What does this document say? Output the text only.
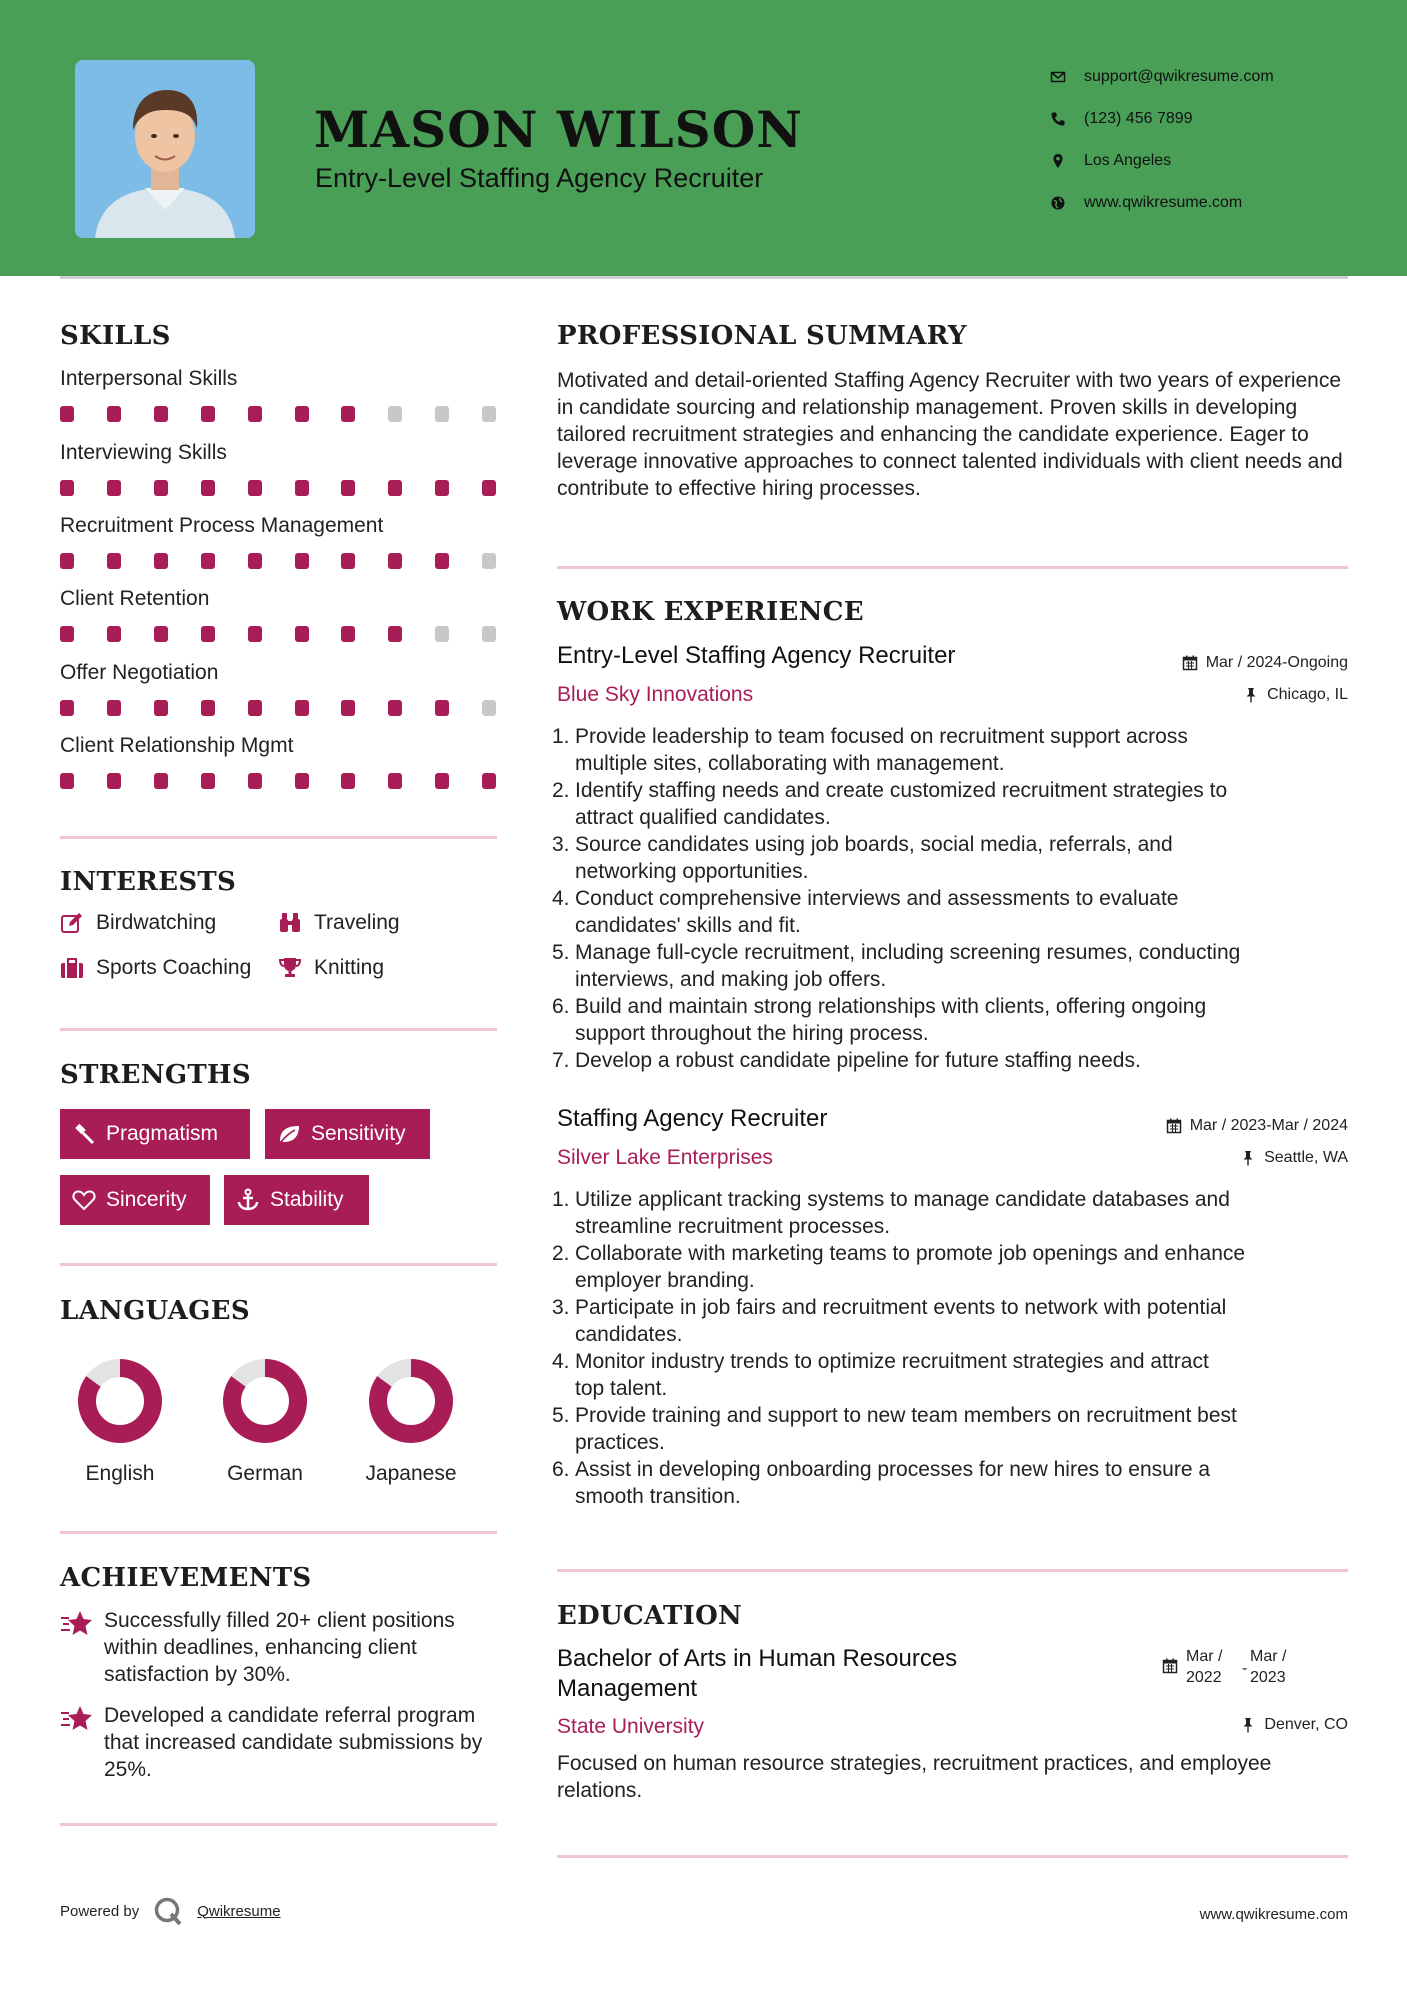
MASON WILSON
Entry-Level Staffing Agency Recruiter
support@qwikresume.com
(123) 456 7899
Los Angeles
www.qwikresume.com
SKILLS
Interpersonal Skills
Interviewing Skills
Recruitment Process Management
Client Retention
Offer Negotiation
Client Relationship Mgmt
INTERESTS
Birdwatching	Traveling
Sports Coaching	Knitting
STRENGTHS
Pragmatism	Sensitivity
Sincerity	Stability
LANGUAGES
English	German	Japanese
ACHIEVEMENTS
Successfully filled 20+ client positions within deadlines, enhancing client satisfaction by 30%.
Developed a candidate referral program that increased candidate submissions by 25%.
PROFESSIONAL SUMMARY
Motivated and detail-oriented Staffing Agency Recruiter with two years of experience in candidate sourcing and relationship management. Proven skills in developing tailored recruitment strategies and enhancing the candidate experience. Eager to leverage innovative approaches to connect talented individuals with client needs and contribute to effective hiring processes.
WORK EXPERIENCE
Entry-Level Staffing Agency Recruiter	Mar / 2024-Ongoing
Blue Sky Innovations	Chicago, IL
1. Provide leadership to team focused on recruitment support across
multiple sites, collaborating with management.
2. Identify staffing needs and create customized recruitment strategies to
attract qualified candidates.
3. Source candidates using job boards, social media, referrals, and
networking opportunities.
4. Conduct comprehensive interviews and assessments to evaluate
candidates' skills and fit.
5. Manage full-cycle recruitment, including screening resumes, conducting
interviews, and making job offers.
6. Build and maintain strong relationships with clients, offering ongoing
support throughout the hiring process.
7. Develop a robust candidate pipeline for future staffing needs.
Staffing Agency Recruiter	Mar / 2023-Mar / 2024
Silver Lake Enterprises	Seattle, WA
1. Utilize applicant tracking systems to manage candidate databases and
streamline recruitment processes.
2. Collaborate with marketing teams to promote job openings and enhance
employer branding.
3. Participate in job fairs and recruitment events to network with potential
candidates.
4. Monitor industry trends to optimize recruitment strategies and attract
top talent.
5. Provide training and support to new team members on recruitment best
practices.
6. Assist in developing onboarding processes for new hires to ensure a
smooth transition.
EDUCATION
Bachelor of Arts in Human Resources
Management
Mar /
2022
-
Mar /
2023
State University	Denver, CO
Focused on human resource strategies, recruitment practices, and employee relations.
Powered by	Qwikresume	www.qwikresume.com
